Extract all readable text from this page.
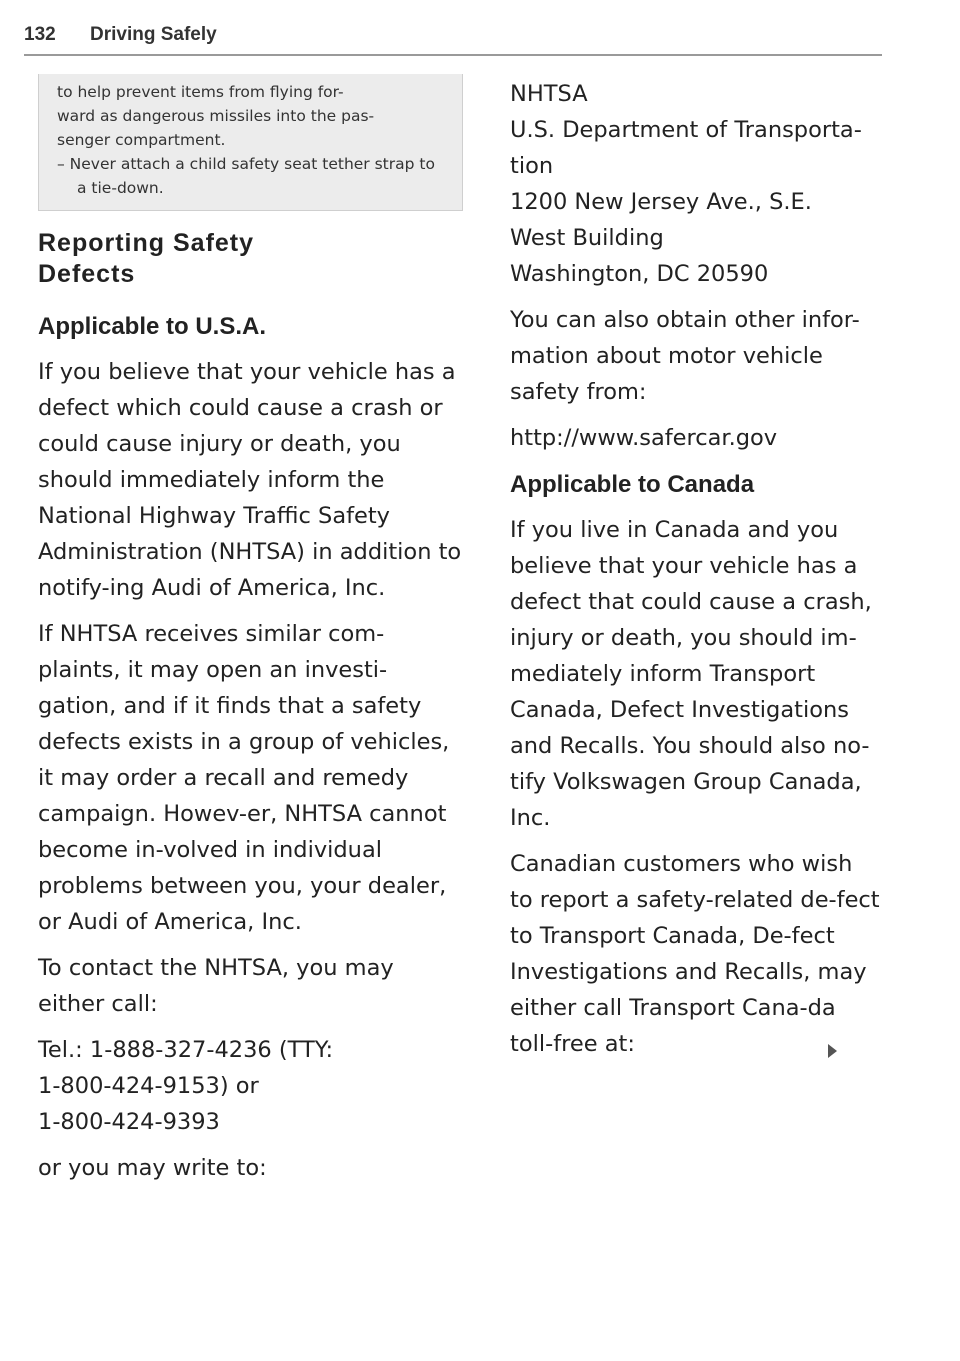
132 Driving Safely

to help prevent items from flying for-

ward as dangerous missiles into the pas-

senger compartment.

– Never attach a child safety seat tether strap to a tie-down.

Reporting Safety
Defects

Applicable to U.S.A.

If you believe that your vehicle has a defect which could cause a crash or could cause injury or death, you should immediately inform the National Highway Traffic Safety Administration (NHTSA) in addition to notify-ing Audi of America, Inc.

If NHTSA receives similar com-plaints, it may open an investi-gation, and if it finds that a safety defects exists in a group of vehicles, it may order a recall and remedy campaign. Howev-er, NHTSA cannot become in-volved in individual problems between you, your dealer, or Audi of America, Inc.

To contact the NHTSA, you may either call:

Tel.: 1-888-327-4236 (TTY:

1-800-424-9153) or

1-800-424-9393

or you may write to:

NHTSA

U.S. Department of Transporta-

tion

1200 New Jersey Ave., S.E.

West Building

Washington, DC 20590

You can also obtain other infor-mation about motor vehicle safety from:

http://www.safercar.gov

Applicable to Canada

If you live in Canada and you believe that your vehicle has a defect that could cause a crash, injury or death, you should im-mediately inform Transport Canada, Defect Investigations and Recalls. You should also no-tify Volkswagen Group Canada, Inc.

Canadian customers who wish to report a safety-related de-fect to Transport Canada, De-fect Investigations and Recalls, may either call Transport Cana-da toll-free at:
